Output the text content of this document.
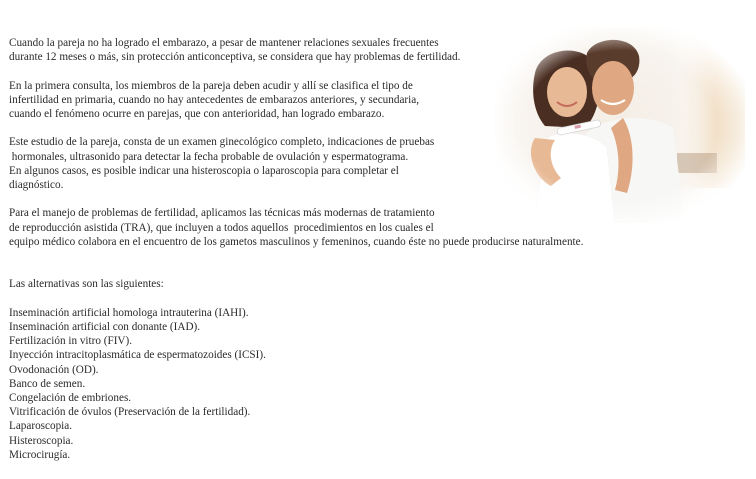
Cuando la pareja no ha logrado el embarazo, a pesar de mantener relaciones sexuales frecuentes
durante 12 meses o más, sin protección anticonceptiva, se considera que hay problemas de fertilidad.

En la primera consulta, los miembros de la pareja deben acudir y allí se clasifica el tipo de
infertilidad en primaria, cuando no hay antecedentes de embarazos anteriores, y secundaria,
cuando el fenómeno ocurre en parejas, que con anterioridad, han logrado embarazo.

Este estudio de la pareja, consta de un examen ginecológico completo, indicaciones de pruebas
hormonales, ultrasonido para detectar la fecha probable de ovulación y espermatograma.
En algunos casos, es posible indicar una histeroscopia o laparoscopia para completar el
diagnóstico.

Para el manejo de problemas de fertilidad, aplicamos las técnicas más modernas de tratamiento
de reproducción asistida (TRA), que incluyen a todos aquellos  procedimientos en los cuales el
equipo médico colabora en el encuentro de los gametos masculinos y femeninos, cuando éste no puede producirse naturalmente.

Las alternativas son las siguientes:

Inseminación artificial homologa intrauterina (IAHI).
Inseminación artificial con donante (IAD).
Fertilización in vitro (FIV).
Inyección intracitoplasmática de espermatozoides (ICSI).
Ovodonación (OD).
Banco de semen.
Congelación de embriones.
Vitrificación de óvulos (Preservación de la fertilidad).
Laparoscopia.
Histeroscopia.
Microcirugía.
